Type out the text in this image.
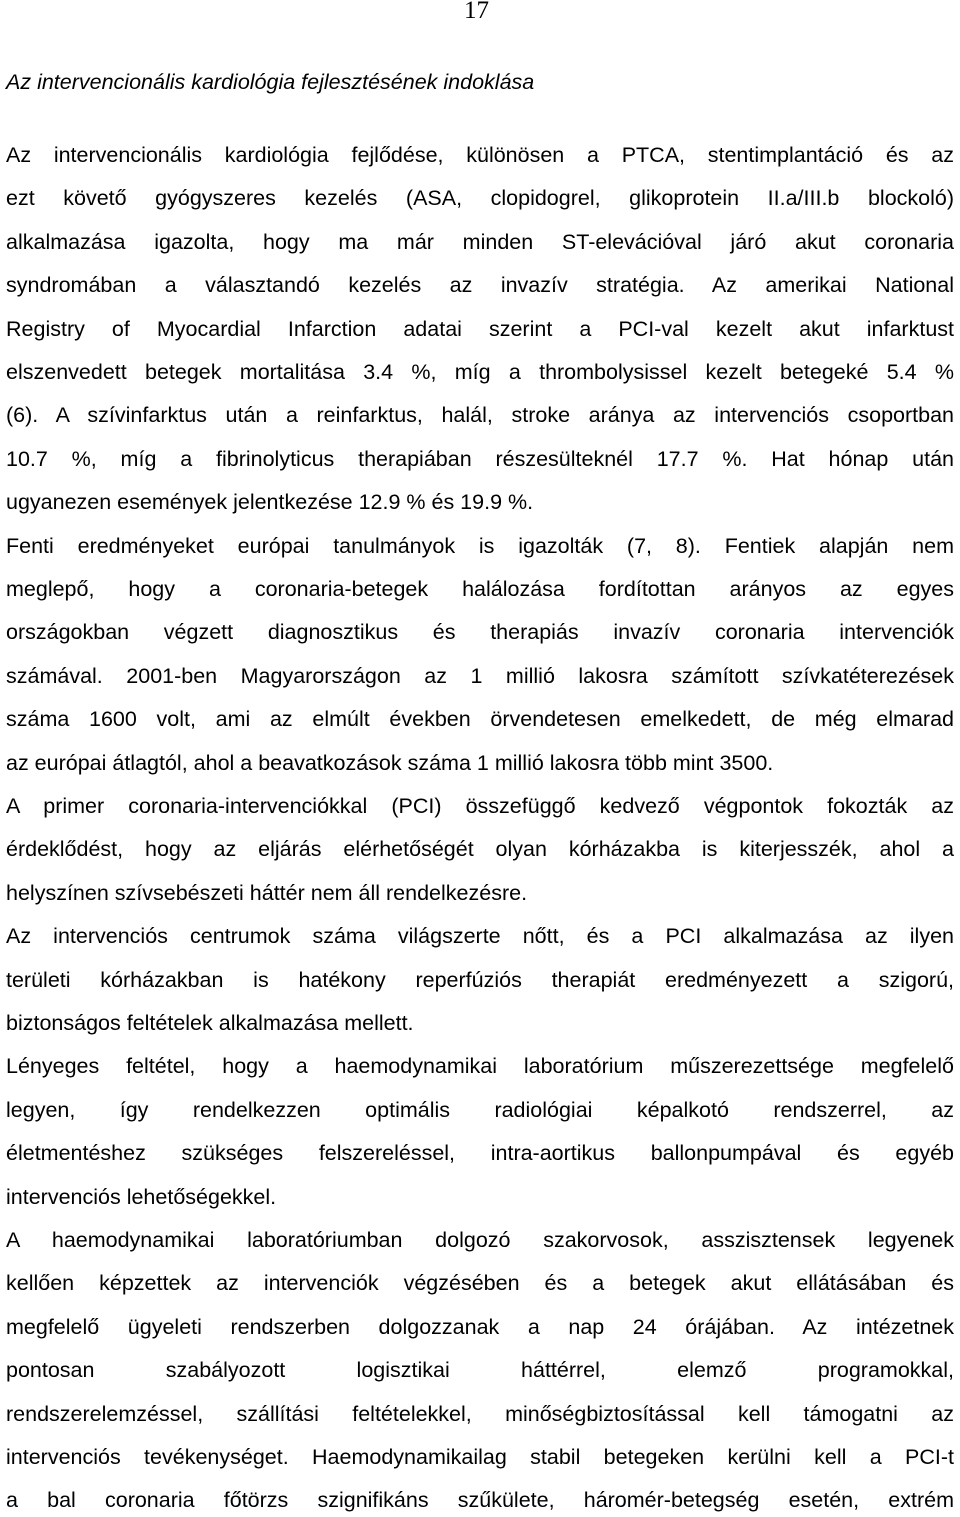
17
Az intervencionális kardiológia fejlesztésének indoklása
Az intervencionális kardiológia fejlődése, különösen a PTCA, stentimplantáció és az
ezt követő gyógyszeres kezelés (ASA, clopidogrel, glikoprotein II.a/III.b blockoló)
alkalmazása igazolta, hogy ma már minden ST-elevációval járó akut coronaria
syndromában a választandó kezelés az invazív stratégia. Az amerikai National
Registry of Myocardial Infarction adatai szerint a PCI-val kezelt akut infarktust
elszenvedett betegek mortalitása 3.4 %, míg a thrombolysissel kezelt betegeké 5.4 %
(6). A szívinfarktus után a reinfarktus, halál, stroke aránya az intervenciós csoportban
10.7 %, míg a fibrinolyticus therapiában részesülteknél 17.7 %. Hat hónap után
ugyanezen események jelentkezése 12.9 % és 19.9 %.
Fenti eredményeket európai tanulmányok is igazolták (7, 8). Fentiek alapján nem
meglepő, hogy a coronaria-betegek halálozása fordítottan arányos az egyes
országokban végzett diagnosztikus és therapiás invazív coronaria intervenciók
számával. 2001-ben Magyarországon az 1 millió lakosra számított szívkatéterezések
száma 1600 volt, ami az elmúlt években örvendetesen emelkedett, de még elmarad
az európai átlagtól, ahol a beavatkozások száma 1 millió lakosra több mint 3500.
A primer coronaria-intervenciókkal (PCI) összefüggő kedvező végpontok fokozták az
érdeklődést, hogy az eljárás elérhetőségét olyan kórházakba is kiterjesszék, ahol a
helyszínen szívsebészeti háttér nem áll rendelkezésre.
Az intervenciós centrumok száma világszerte nőtt, és a PCI alkalmazása az ilyen
területi kórházakban is hatékony reperfúziós therapiát eredményezett a szigorú,
biztonságos feltételek alkalmazása mellett.
Lényeges feltétel, hogy a haemodynamikai laboratórium műszerezettsége megfelelő
legyen, így rendelkezzen optimális radiológiai képalkotó rendszerrel, az
életmentéshez szükséges felszereléssel, intra-aortikus ballonpumpával és egyéb
intervenciós lehetőségekkel.
A haemodynamikai laboratóriumban dolgozó szakorvosok, asszisztensek legyenek
kellően képzettek az intervenciók végzésében és a betegek akut ellátásában és
megfelelő ügyeleti rendszerben dolgozzanak a nap 24 órájában. Az intézetnek
pontosan szabályozott logisztikai háttérrel, elemző programokkal,
rendszerelemzéssel, szállítási feltételekkel, minőségbiztosítással kell támogatni az
intervenciós tevékenységet. Haemodynamikailag stabil betegeken kerülni kell a PCI-t
a bal coronaria főtörzs szignifikáns szűkülete, háromér-betegség esetén, extrém
